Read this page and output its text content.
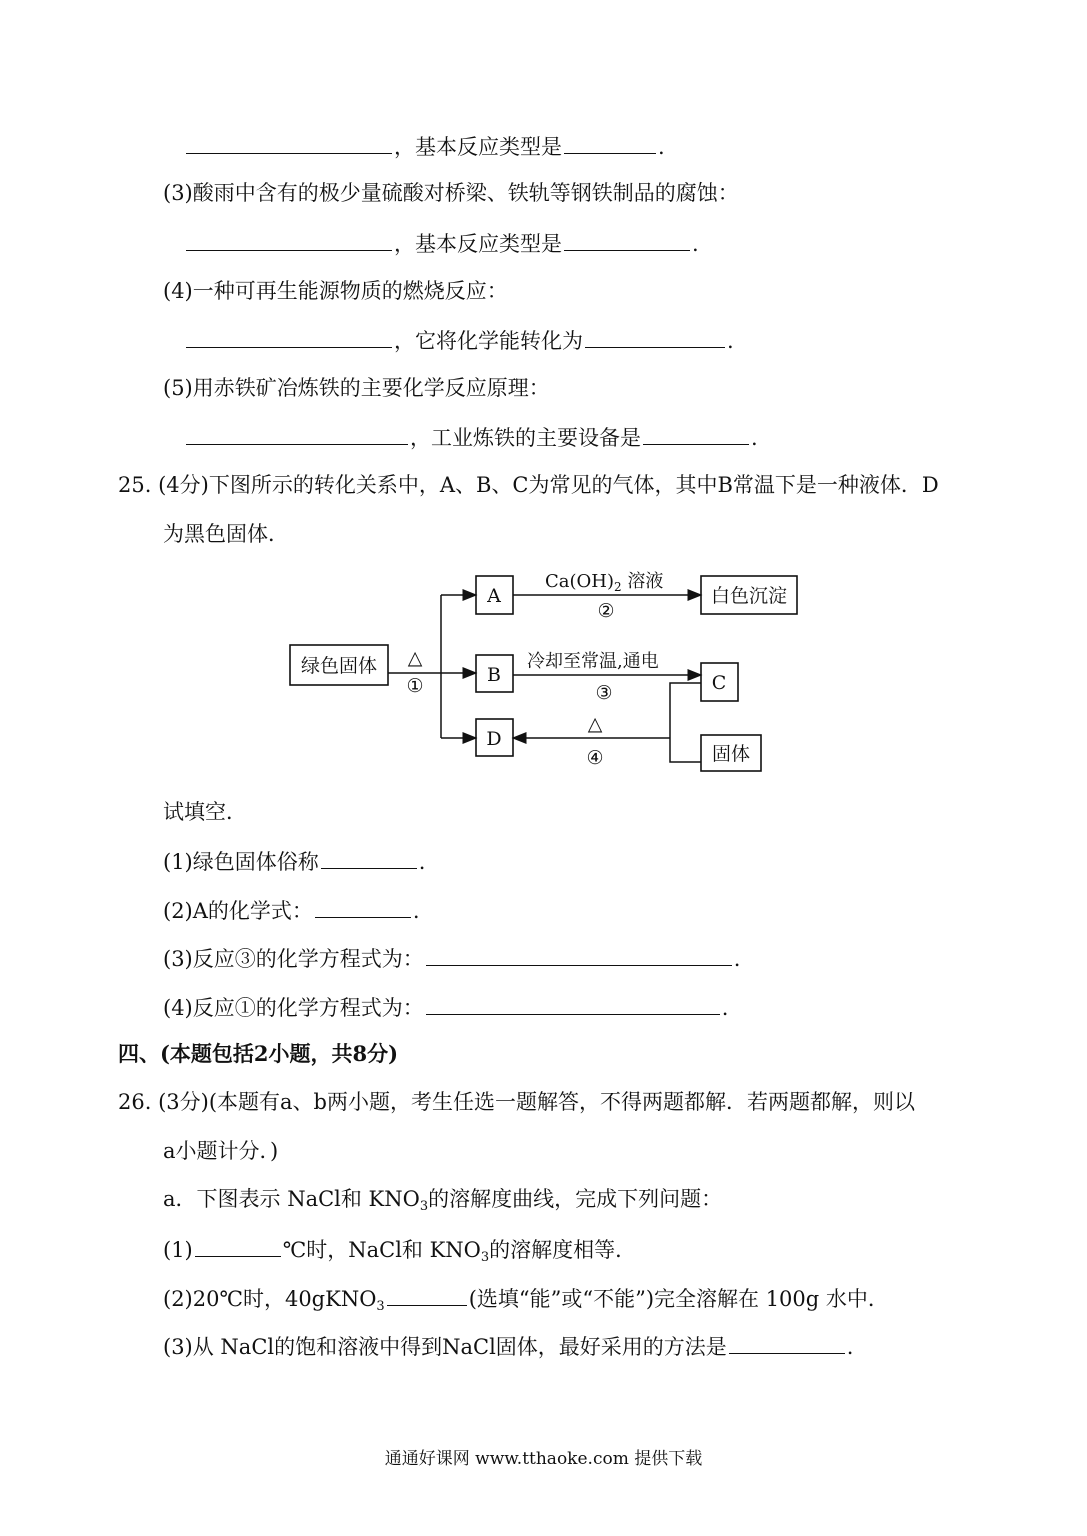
，基本反应类型是	.
(3)酸雨中含有的极少量硫酸对桥梁、铁轨等钢铁制品的腐蚀：
，基本反应类型是	.
(4)一种可再生能源物质的燃烧反应：
，它将化学能转化为	.
(5)用赤铁矿冶炼铁的主要化学反应原理：
，工业炼铁的主要设备是	.
25. (4分)下图所示的转化关系中，A、B、C为常见的气体，其中B常温下是一种液体．D
为黑色固体．
绿色固体 △
①
A
B
D
$Ca(OH)_2$ 溶液
②
白色沉淀
冷却至常温,通电
③	C
固体
△
④
试填空．
(1)绿色固体俗称	.
(2)A的化学式：	.
(3)反应③的化学方程式为：	.
(4)反应①的化学方程式为：	.
四、(本题包括2小题，共8分)
26. (3分)(本题有a、b两小题，考生任选一题解答，不得两题都解．若两题都解，则以
a小题计分．)
a．下图表示 NaCl和 $KNO_3$的溶解度曲线，完成下列问题：
(1)	℃时，NaCl和 $KNO_3$的溶解度相等．
(2)20℃时，40gKNO$_3$	(选填“能”或“不能”)完全溶解在 100g 水中．
(3)从 NaCl的饱和溶液中得到NaCl固体，最好采用的方法是	.
通通好课网 www.tthaoke.com 提供下载
